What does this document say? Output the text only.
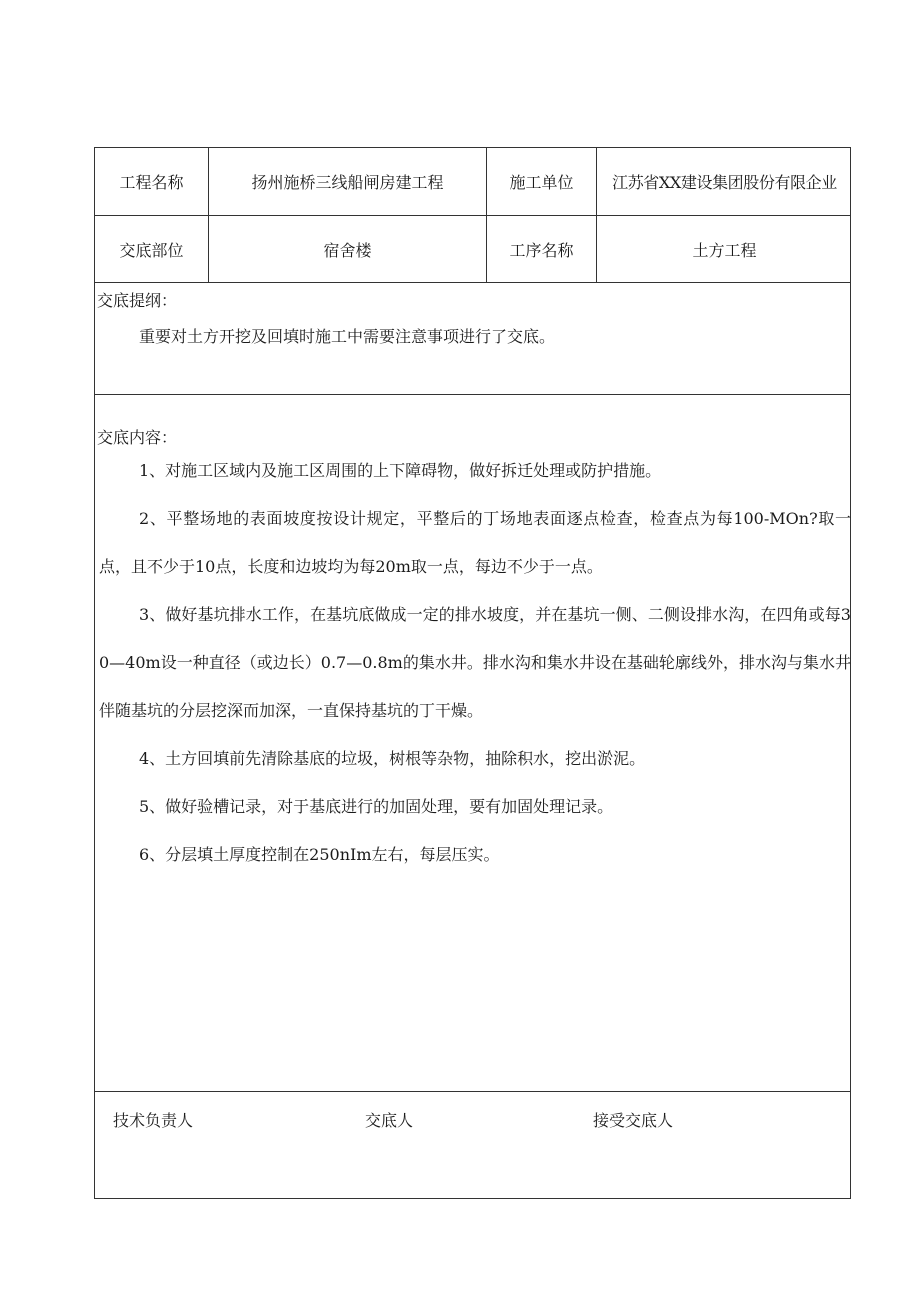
工程名称	扬州施桥三线船闸房建工程	施工单位	江苏省XX建设集团股份有限企业
交底部位	宿舍楼	工序名称	土方工程
交底提纲：
重要对土方开挖及回填时施工中需要注意事项进行了交底。
交底内容：

1、对施工区域内及施工区周围的上下障碍物，做好拆迁处理或防护措施。

2、平整场地的表面坡度按设计规定，平整后的丁场地表面逐点检查，检查点为每100-MOn?取一点，且不少于10点，长度和边坡均为每20m取一点，每边不少于一点。

3、做好基坑排水工作，在基坑底做成一定的排水坡度，并在基坑一侧、二侧设排水沟，在四角或每30—40m设一种直径（或边长）0.7—0.8m的集水井。排水沟和集水井设在基础轮廓线外，排水沟与集水井伴随基坑的分层挖深而加深，一直保持基坑的丁干燥。

4、土方回填前先清除基底的垃圾，树根等杂物，抽除积水，挖出淤泥。

5、做好验槽记录，对于基底进行的加固处理，要有加固处理记录。

6、分层填土厚度控制在250nIm左右，每层压实。

技术负责人	交底人	接受交底人
